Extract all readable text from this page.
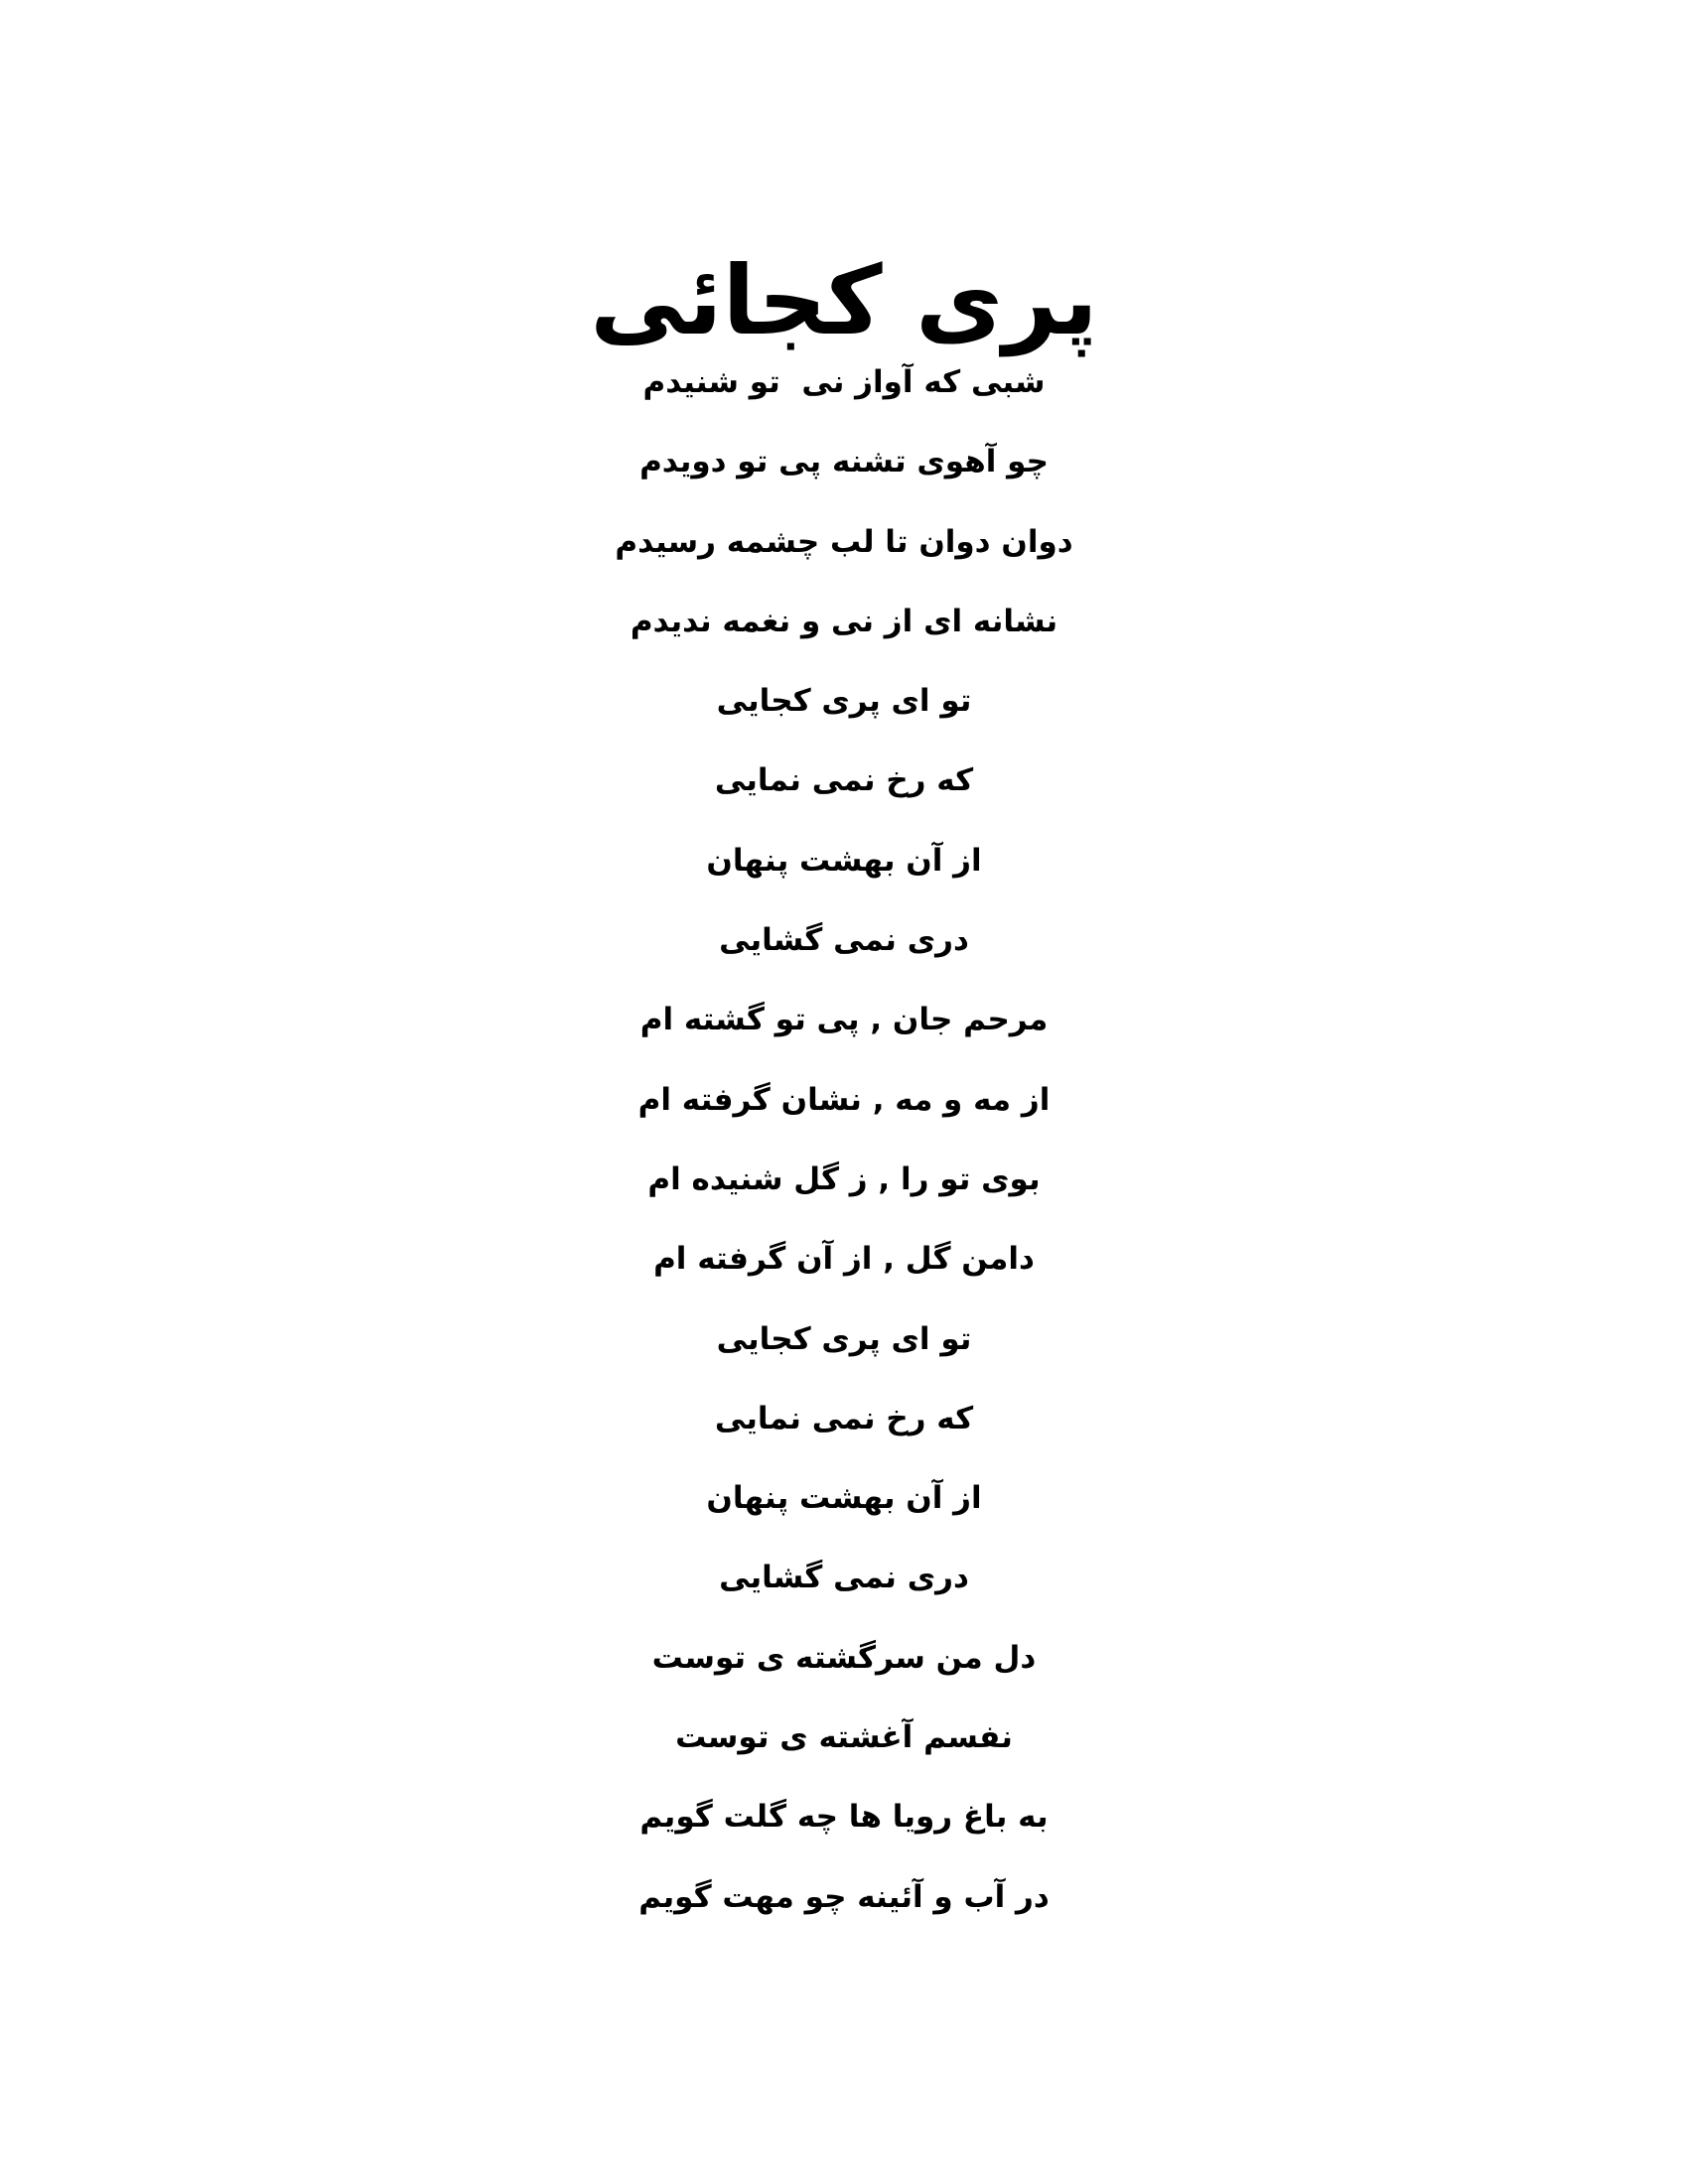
پری کجائی
شبی که آواز نی  تو شنیدم
چو آهوی تشنه پی تو دویدم
دوان دوان تا لب چشمه رسیدم
نشانه ای از نی و نغمه ندیدم
تو ای پری کجایی
که رخ نمی نمایی
از آن بهشت پنهان
دری نمی گشایی
مرحم جان , پی تو گشته ام
از مه و مه , نشان گرفته ام
بوی تو را , ز گل شنیده ام
دامن گل , از آن گرفته ام
تو ای پری کجایی
که رخ نمی نمایی
از آن بهشت پنهان
دری نمی گشایی
دل من سرگشته ی توست
نفسم آغشته ی توست
به باغ رویا ها چه گلت گویم
در آب و آئینه چو مهت گویم
